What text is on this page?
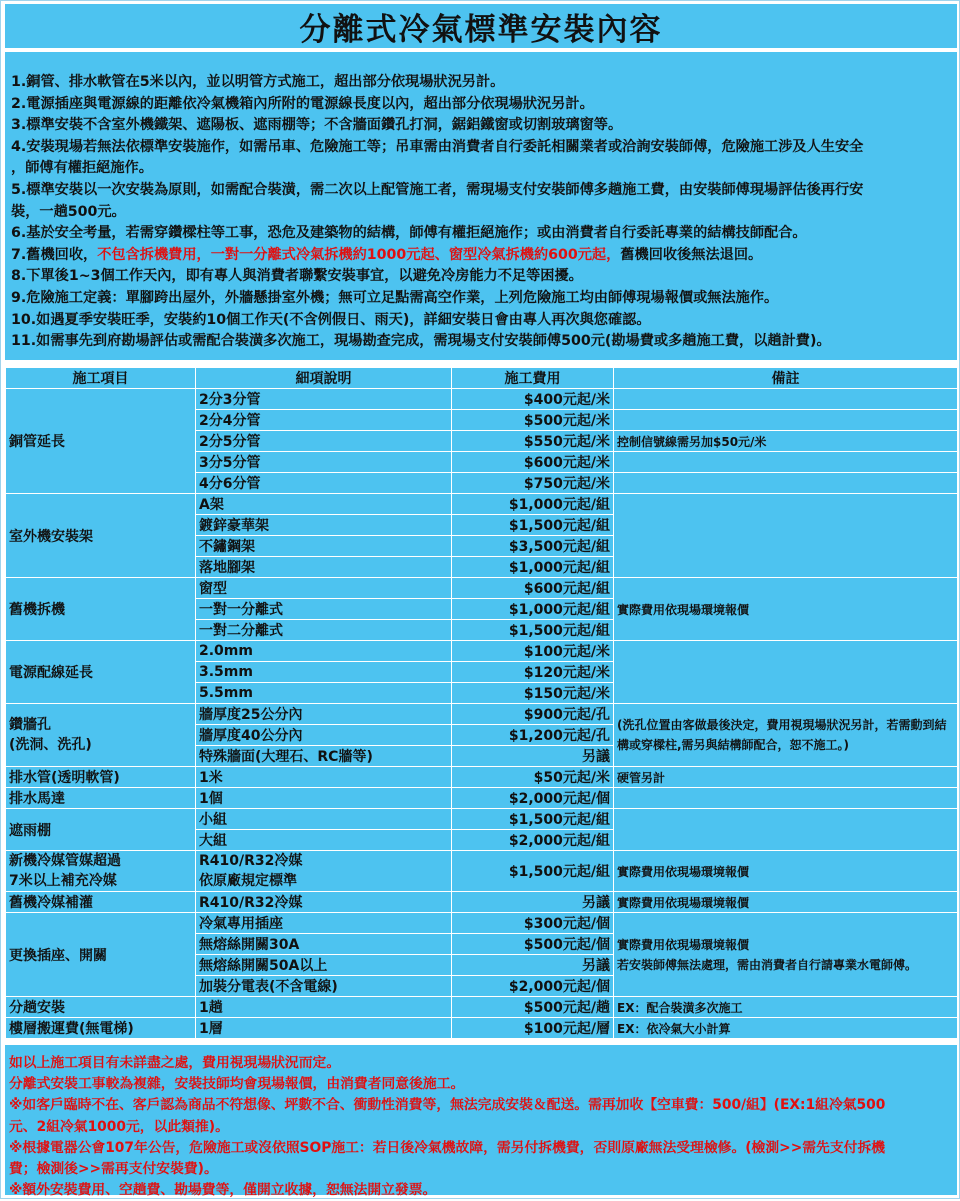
分離式冷氣標準安裝內容
1.銅管、排水軟管在5米以內，並以明管方式施工，超出部分依現場狀況另計。
2.電源插座與電源線的距離依冷氣機箱內所附的電源線長度以內，超出部分依現場狀況另計。
3.標準安裝不含室外機鐵架、遮陽板、遮雨棚等；不含牆面鑽孔打洞，鋸鋁鐵窗或切割玻璃窗等。
4.安裝現場若無法依標準安裝施作，如需吊車、危險施工等；吊車需由消費者自行委託相關業者或洽詢安裝師傅，危險施工涉及人生安全
，師傅有權拒絕施作。
5.標準安裝以一次安裝為原則，如需配合裝潢，需二次以上配管施工者，需現場支付安裝師傅多趟施工費，由安裝師傅現場評估後再行安
裝，一趟500元。
6.基於安全考量，若需穿鑽樑柱等工事，恐危及建築物的結構，師傅有權拒絕施作；或由消費者自行委託專業的結構技師配合。
7.舊機回收，不包含拆機費用，一對一分離式冷氣拆機約1000元起、窗型冷氣拆機約600元起，舊機回收後無法退回。
8.下單後1~3個工作天內，即有專人與消費者聯繫安裝事宜，以避免冷房能力不足等困擾。
9.危險施工定義：單腳跨出屋外，外牆懸掛室外機；無可立足點需高空作業，上列危險施工均由師傅現場報價或無法施作。
10.如遇夏季安裝旺季，安裝約10個工作天(不含例假日、雨天)，詳細安裝日會由專人再次與您確認。
11.如需事先到府勘場評估或需配合裝潢多次施工，現場勘查完成，需現場支付安裝師傅500元(勘場費或多趟施工費，以趟計費)。
施工項目	細項說明	施工費用	備註
銅管延長	2分3分管	$400元起/米	
	2分4分管	$500元起/米	
	2分5分管	$550元起/米	控制信號線需另加$50元/米
	3分5分管	$600元起/米	
	4分6分管	$750元起/米	
室外機安裝架	A架	$1,000元起/組	
	鍍鋅豪華架	$1,500元起/組	
	不鏽鋼架	$3,500元起/組	
	落地腳架	$1,000元起/組	
舊機拆機	窗型	$600元起/組	實際費用依現場環境報價
	一對一分離式	$1,000元起/組	
	一對二分離式	$1,500元起/組	
電源配線延長	2.0mm	$100元起/米	
	3.5mm	$120元起/米	
	5.5mm	$150元起/米	
鑽牆孔
(洗洞、洗孔)	牆厚度25公分內	$900元起/孔	(洗孔位置由客做最後決定，費用視現場狀況另計，若需動到結構或穿樑柱,需另與結構師配合，恕不施工。)
	牆厚度40公分內	$1,200元起/孔	
	特殊牆面(大理石、RC牆等)	另議	
排水管(透明軟管)	1米	$50元起/米	硬管另計
排水馬達	1個	$2,000元起/個	
遮雨棚	小組	$1,500元起/組	
	大組	$2,000元起/組	
新機冷媒管媒超過
7米以上補充冷媒	R410/R32冷媒
依原廠規定標準	$1,500元起/組	實際費用依現場環境報價
舊機冷媒補灌	R410/R32冷媒	另議	實際費用依現場環境報價
更換插座、開關	冷氣專用插座	$300元起/個	實際費用依現場環境報價
若安裝師傅無法處理，需由消費者自行請專業水電師傅。
	無熔絲開關30A	$500元起/個	
	無熔絲開關50A以上	另議	
	加裝分電表(不含電線)	$2,000元起/個	
分趟安裝	1趟	$500元起/趟	EX：配合裝潢多次施工
樓層搬運費(無電梯)	1層	$100元起/層	EX：依冷氣大小計算
如以上施工項目有未詳盡之處，費用視現場狀況而定。
分離式安裝工事較為複雜，安裝技師均會現場報價，由消費者同意後施工。
※如客戶臨時不在、客戶認為商品不符想像、坪數不合、衝動性消費等，無法完成安裝＆配送。需再加收【空車費：500/組】(EX:1組冷氣500
元、2組冷氣1000元，以此類推)。
※根據電器公會107年公告，危險施工或沒依照SOP施工：若日後冷氣機故障，需另付拆機費，否則原廠無法受理檢修。(檢測>>需先支付拆機
費；檢測後>>需再支付安裝費)。
※額外安裝費用、空趟費、勘場費等，僅開立收據，恕無法開立發票。
